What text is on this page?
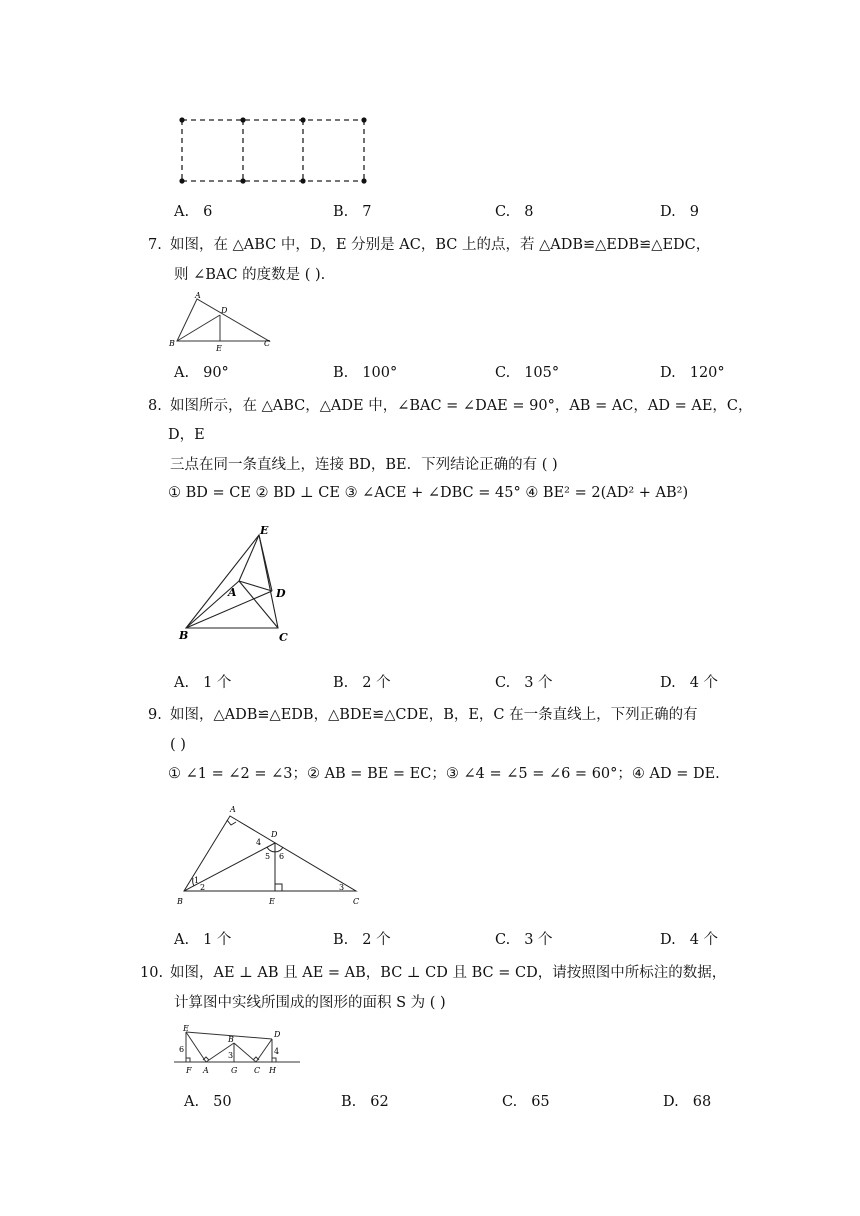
A. 6	B. 7	C. 8	D. 9
7. 如图，在 △ABC 中，D，E 分别是 AC，BC 上的点，若 △ADB≌△EDB≌△EDC，
则 ∠BAC 的度数是 ( ).
A
B	C
D
E
A. 90°	B. 100°	C. 105°	D. 120°
8. 如图所示，在 △ABC，△ADE 中，∠BAC = ∠DAE = 90°，AB = AC，AD = AE，C，
D，E
三点在同一条直线上，连接 BD，BE．下列结论正确的有 ( )
① BD = CE ② BD ⊥ CE ③ ∠ACE + ∠DBC = 45° ④ BE² = 2(AD² + AB²)
E
A	D
B	C
A. 1 个	B. 2 个	C. 3 个	D. 4 个
9. 如图，△ADB≌△EDB，△BDE≌△CDE，B，E，C 在一条直线上，下列正确的有
( )
① ∠1 = ∠2 = ∠3；② AB = BE = EC；③ ∠4 = ∠5 = ∠6 = 60°；④ AD = DE.
A
B	C
D
E
1
2	3
4
5 6
A. 1 个	B. 2 个	C. 3 个	D. 4 个
10. 如图，AE ⊥ AB 且 AE = AB，BC ⊥ CD 且 BC = CD，请按照图中所标注的数据，
计算图中实线所围成的图形的面积 S 为 ( )
E
B
D
F A	G C H
6
3	4
A. 50	B. 62	C. 65	D. 68
